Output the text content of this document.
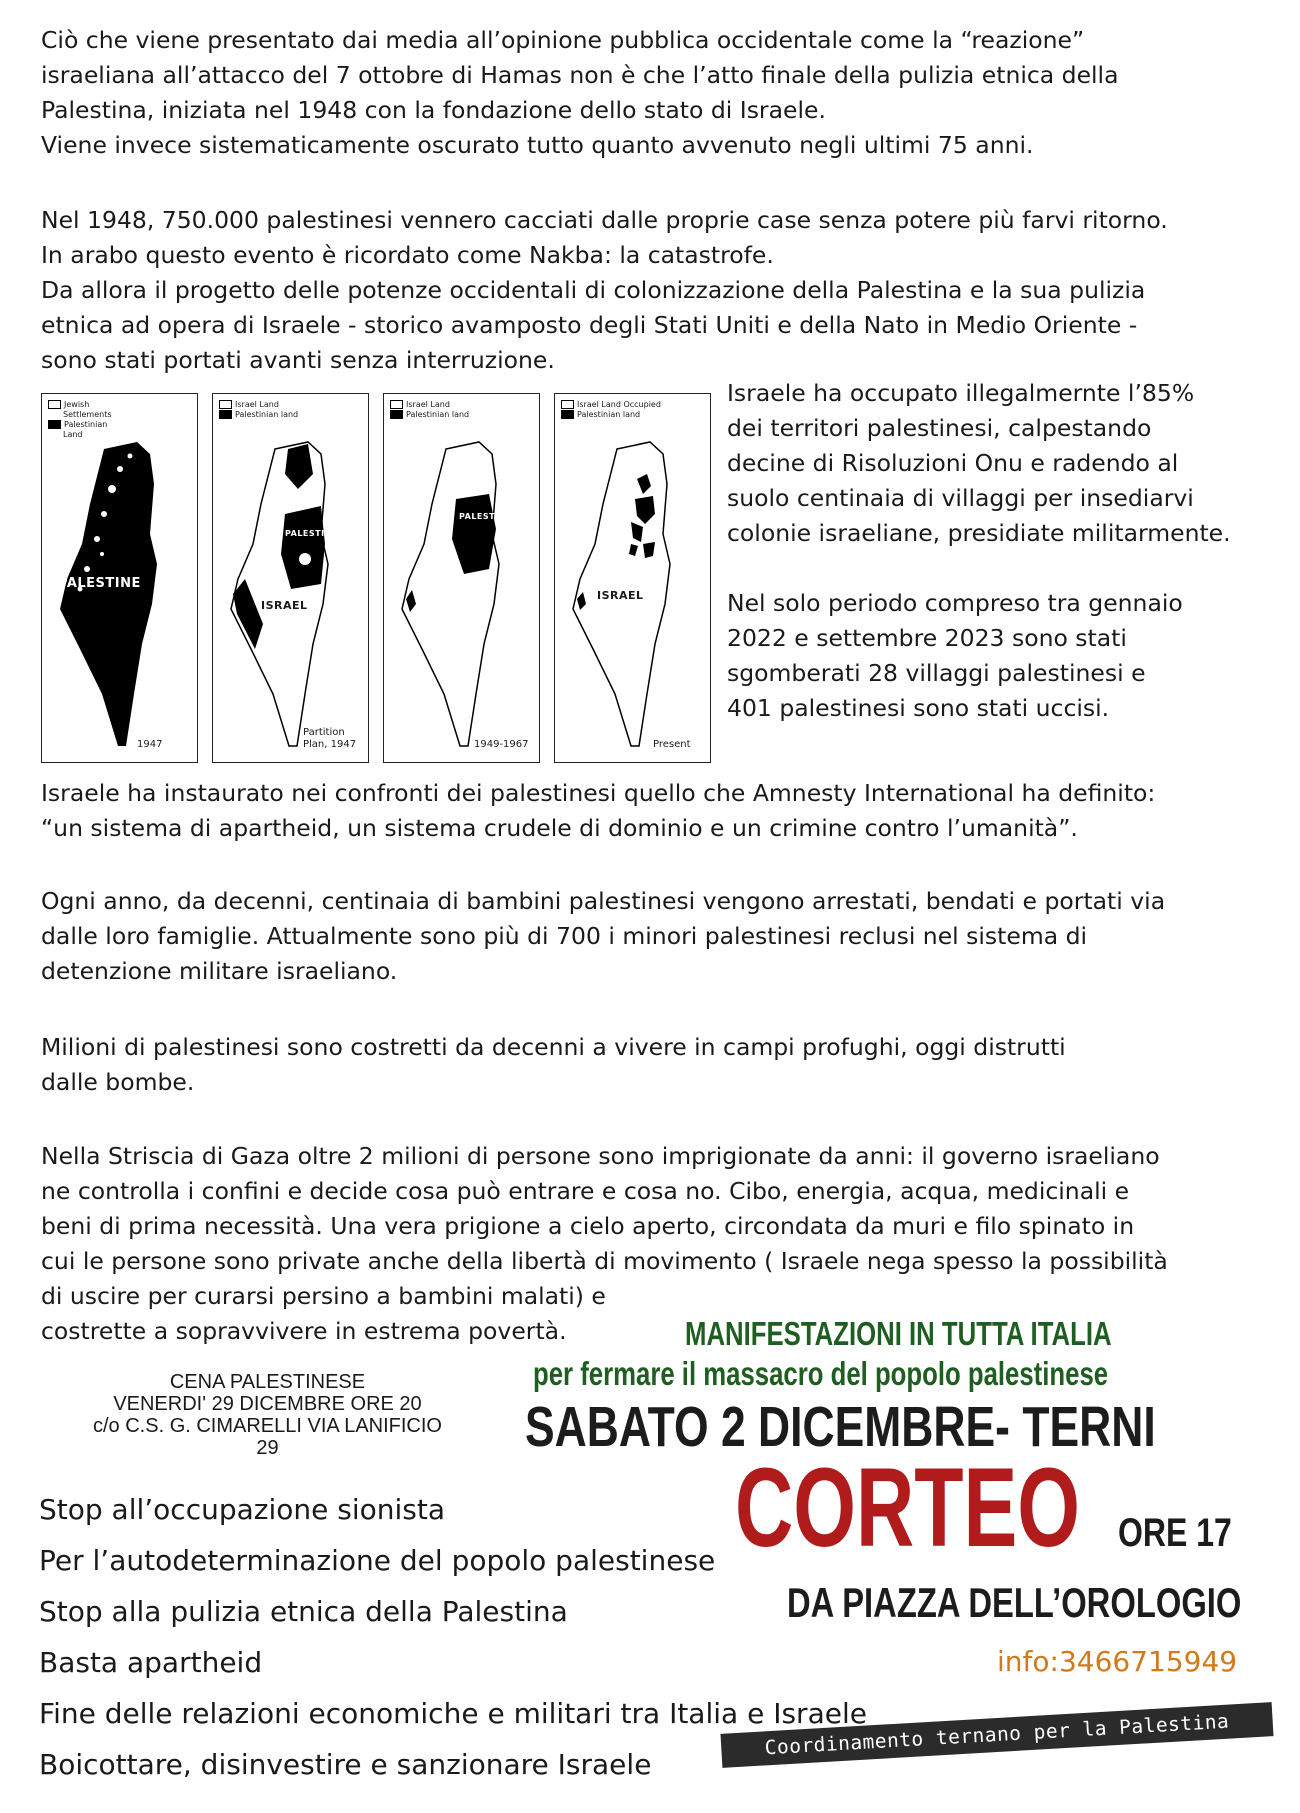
Ciò che viene presentato dai media all’opinione pubblica occidentale come la “reazione”
israeliana all’attacco del 7 ottobre di Hamas non è che l’atto finale della pulizia etnica della
Palestina, iniziata nel 1948 con la fondazione dello stato di Israele.
Viene invece sistematicamente oscurato tutto quanto avvenuto negli ultimi 75 anni.
Nel 1948, 750.000 palestinesi vennero cacciati dalle proprie case senza potere più farvi ritorno.
In arabo questo evento è ricordato come Nakba: la catastrofe.
Da allora il progetto delle potenze occidentali di colonizzazione della Palestina e la sua pulizia
etnica ad opera di Israele - storico avamposto degli Stati Uniti e della Nato in Medio Oriente -
sono stati portati avanti senza interruzione.
Jewish
Settlements
Palestinian
Land
PALESTINE
1947
Israel Land
Palestinian land
PALESTINE
ISRAEL
Partition
Plan, 1947
Israel Land
Palestinian land
PALESTINE
1949-1967
Israel Land Occupied
Palestinian land
ISRAEL
Present
Israele ha occupato illegalmernte l’85%
dei territori palestinesi, calpestando
decine di Risoluzioni Onu e radendo al
suolo centinaia di villaggi per insediarvi
colonie israeliane, presidiate militarmente.
Nel solo periodo compreso tra gennaio
2022 e settembre 2023 sono stati
sgomberati 28 villaggi palestinesi e
401 palestinesi sono stati uccisi.
Israele ha instaurato nei confronti dei palestinesi quello che Amnesty International ha definito:
“un sistema di apartheid, un sistema crudele di dominio e un crimine contro l’umanità”.
Ogni anno, da decenni, centinaia di bambini palestinesi vengono arrestati, bendati e portati via
dalle loro famiglie. Attualmente sono più di 700 i minori palestinesi reclusi nel sistema di
detenzione militare israeliano.
Milioni di palestinesi sono costretti da decenni a vivere in campi profughi, oggi distrutti
dalle bombe.
Nella Striscia di Gaza oltre 2 milioni di persone sono imprigionate da anni: il governo israeliano
ne controlla i confini e decide cosa può entrare e cosa no. Cibo, energia, acqua, medicinali e
beni di prima necessità. Una vera prigione a cielo aperto, circondata da muri e filo spinato in
cui le persone sono private anche della libertà di movimento ( Israele nega spesso la possibilità
di uscire per curarsi persino a bambini malati) e
costrette a sopravvivere in estrema povertà.
CENA PALESTINESE
VENERDI' 29 DICEMBRE ORE 20
c/o C.S. G. CIMARELLI VIA LANIFICIO
29
MANIFESTAZIONI IN TUTTA ITALIA
per fermare il massacro del popolo palestinese
SABATO 2 DICEMBRE- TERNI
CORTEO ORE 17
DA PIAZZA DELL’OROLOGIO
info:3466715949
Stop all’occupazione sionista
Per l’autodeterminazione del popolo palestinese
Stop alla pulizia etnica della Palestina
Basta apartheid
Fine delle relazioni economiche e militari tra Italia e Israele
Boicottare, disinvestire e sanzionare Israele
Coordinamento ternano per la Palestina
